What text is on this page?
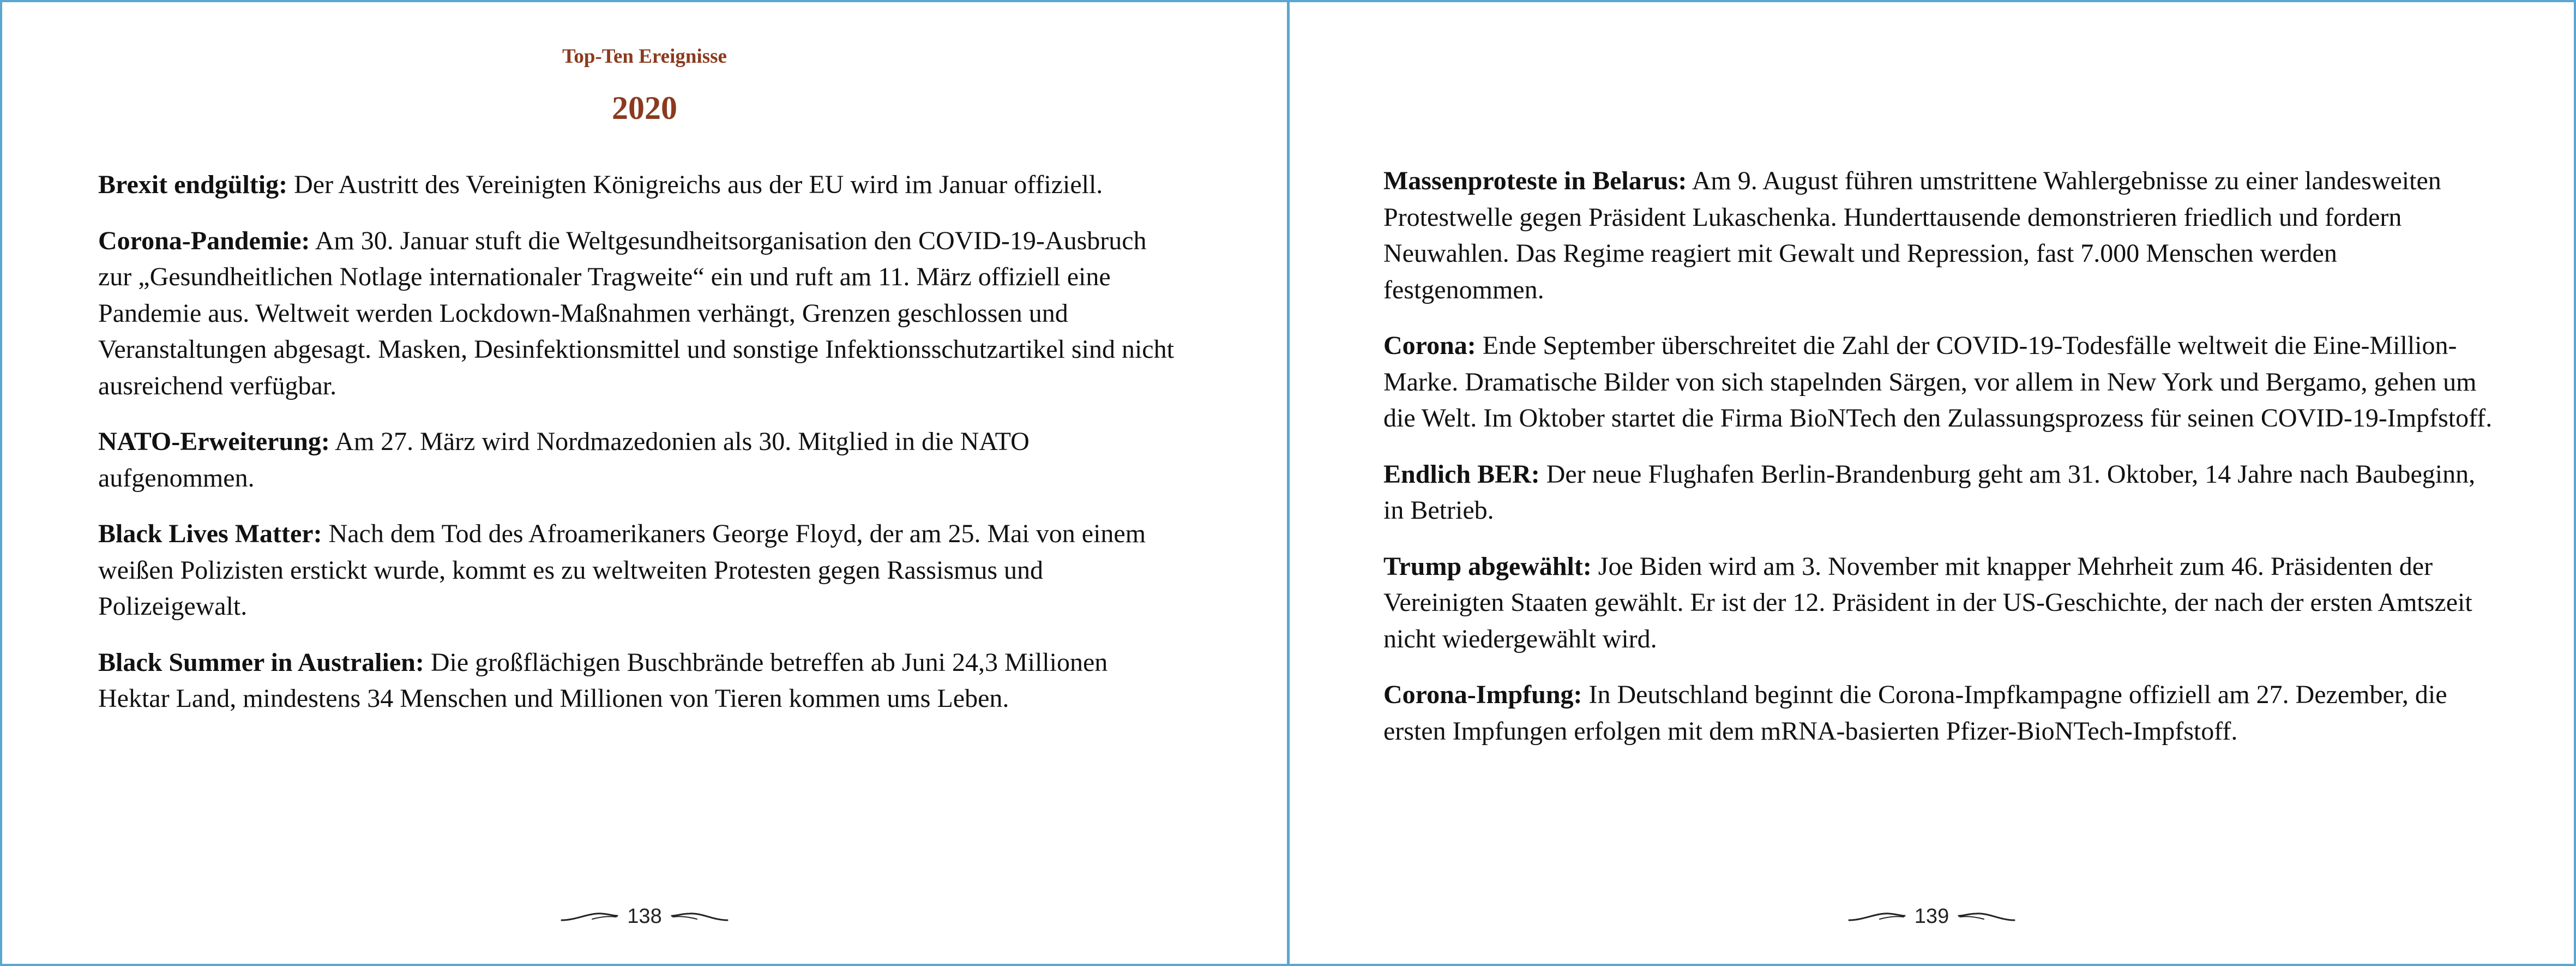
Top-Ten Ereignisse
2020

Brexit endgültig: Der Austritt des Vereinigten Königreichs aus der EU wird im Januar offiziell.

Corona-Pandemie: Am 30. Januar stuft die Weltgesundheitsorganisation den COVID-19-Ausbruch zur „Gesundheitlichen Notlage internationaler Tragweite“ ein und ruft am 11. März offiziell eine Pandemie aus. Weltweit werden Lockdown-Maßnahmen verhängt, Grenzen geschlossen und Veranstaltungen abgesagt. Masken, Desinfektionsmittel und sonstige Infektionsschutzartikel sind nicht ausreichend verfügbar.

NATO-Erweiterung: Am 27. März wird Nordmazedonien als 30. Mitglied in die NATO aufgenommen.

Black Lives Matter: Nach dem Tod des Afroamerikaners George Floyd, der am 25. Mai von einem weißen Polizisten erstickt wurde, kommt es zu weltweiten Protesten gegen Rassismus und Polizeigewalt.

Black Summer in Australien: Die großflächigen Buschbrände betreffen ab Juni 24,3 Millionen Hektar Land, mindestens 34 Menschen und Millionen von Tieren kommen ums Leben.

138

Massenproteste in Belarus: Am 9. August führen umstrittene Wahlergebnisse zu einer landesweiten Protestwelle gegen Präsident Lukaschenka. Hunderttausende demonstrieren friedlich und fordern Neuwahlen. Das Regime reagiert mit Gewalt und Repression, fast 7.000 Menschen werden festgenommen.

Corona: Ende September überschreitet die Zahl der COVID-19-Todesfälle weltweit die Eine-Million-Marke. Dramatische Bilder von sich stapelnden Särgen, vor allem in New York und Bergamo, gehen um die Welt. Im Oktober startet die Firma BioNTech den Zulassungsprozess für seinen COVID-19-Impfstoff.

Endlich BER: Der neue Flughafen Berlin-Brandenburg geht am 31. Oktober, 14 Jahre nach Baubeginn, in Betrieb.

Trump abgewählt: Joe Biden wird am 3. November mit knapper Mehrheit zum 46. Präsidenten der Vereinigten Staaten gewählt. Er ist der 12. Präsident in der US-Geschichte, der nach der ersten Amtszeit nicht wiedergewählt wird.

Corona-Impfung: In Deutschland beginnt die Corona-Impfkampagne offiziell am 27. Dezember, die ersten Impfungen erfolgen mit dem mRNA-basierten Pfizer-BioNTech-Impfstoff.

139
